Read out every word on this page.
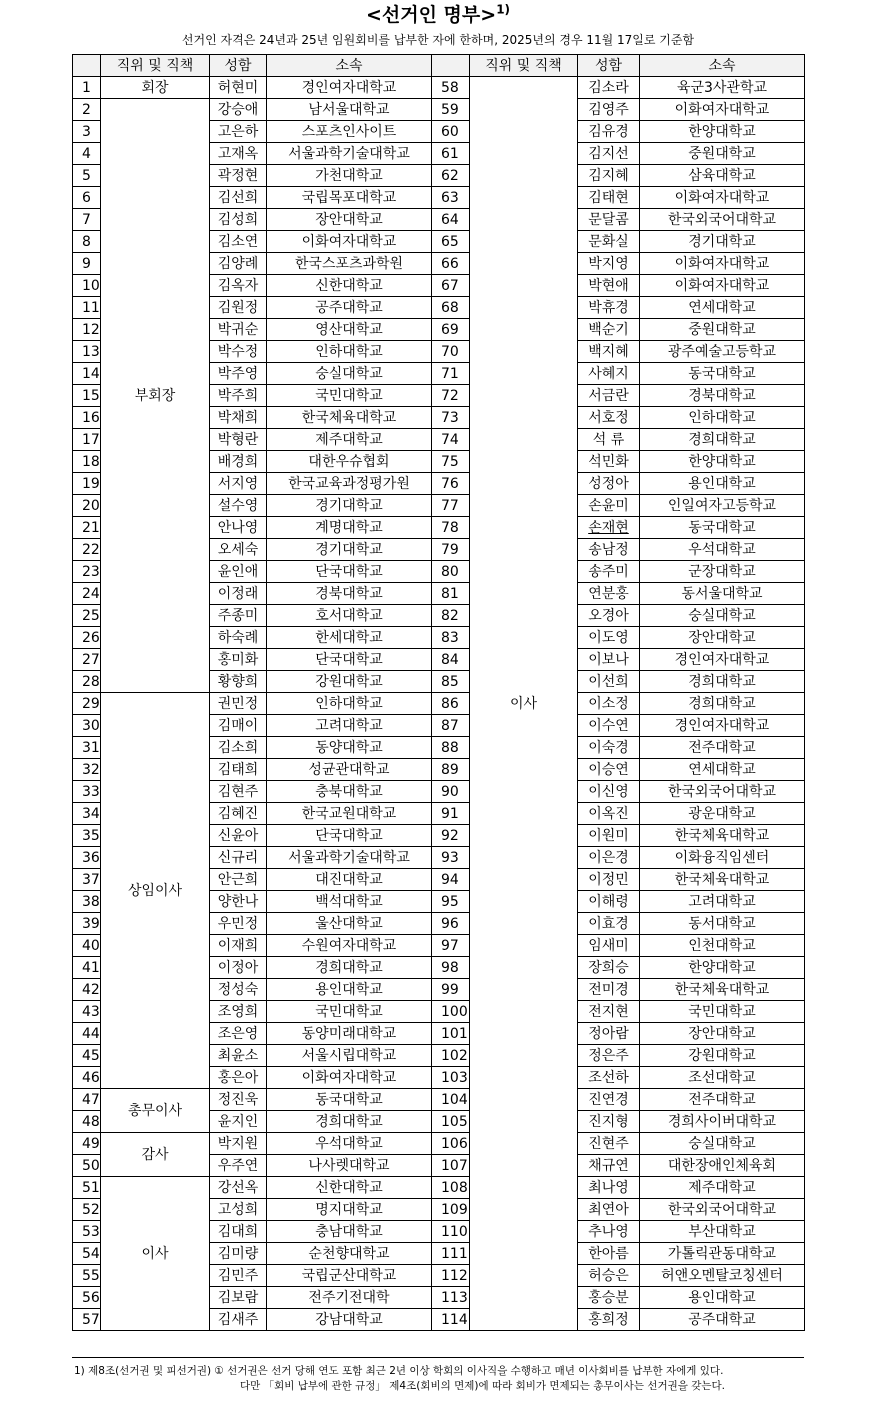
<선거인 명부>$^{1)}$
선거인 자격은 24년과 25년 임원회비를 납부한 자에 한하며, 2025년의 경우 11월 17일로 기준함
	직위 및 직책	성함	소속		직위 및 직책	성함	소속
1	회장	허현미	경인여자대학교	58	이사	김소라	육군3사관학교
2	부회장	강승애	남서울대학교	59		김영주	이화여자대학교
3		고은하	스포츠인사이트	60		김유경	한양대학교
4		고재옥	서울과학기술대학교	61		김지선	중원대학교
5		곽정현	가천대학교	62		김지혜	삼육대학교
6		김선희	국립목포대학교	63		김태현	이화여자대학교
7		김성희	장안대학교	64		문달콤	한국외국어대학교
8		김소연	이화여자대학교	65		문화실	경기대학교
9		김양례	한국스포츠과학원	66		박지영	이화여자대학교
10		김옥자	신한대학교	67		박현애	이화여자대학교
11		김원정	공주대학교	68		박휴경	연세대학교
12		박귀순	영산대학교	69		백순기	중원대학교
13		박수정	인하대학교	70		백지혜	광주예술고등학교
14		박주영	숭실대학교	71		사혜지	동국대학교
15		박주희	국민대학교	72		서금란	경북대학교
16		박채희	한국체육대학교	73		서호정	인하대학교
17		박형란	제주대학교	74		석 류	경희대학교
18		배경희	대한우슈협회	75		석민화	한양대학교
19		서지영	한국교육과정평가원	76		성정아	용인대학교
20		설수영	경기대학교	77		손윤미	인일여자고등학교
21		안나영	계명대학교	78		손재현	동국대학교
22		오세숙	경기대학교	79		송남정	우석대학교
23		윤인애	단국대학교	80		송주미	군장대학교
24		이정래	경북대학교	81		연분홍	동서울대학교
25		주종미	호서대학교	82		오경아	숭실대학교
26		하숙례	한세대학교	83		이도영	장안대학교
27		홍미화	단국대학교	84		이보나	경인여자대학교
28		황향희	강원대학교	85		이선희	경희대학교
29	상임이사	권민정	인하대학교	86		이소정	경희대학교
30		김매이	고려대학교	87		이수연	경인여자대학교
31		김소희	동양대학교	88		이숙경	전주대학교
32		김태희	성균관대학교	89		이승연	연세대학교
33		김현주	충북대학교	90		이신영	한국외국어대학교
34		김혜진	한국교원대학교	91		이옥진	광운대학교
35		신윤아	단국대학교	92		이원미	한국체육대학교
36		신규리	서울과학기술대학교	93		이은경	이화융직임센터
37		안근희	대진대학교	94		이정민	한국체육대학교
38		양한나	백석대학교	95		이해령	고려대학교
39		우민정	울산대학교	96		이효경	동서대학교
40		이재희	수원여자대학교	97		임새미	인천대학교
41		이정아	경희대학교	98		장희승	한양대학교
42		정성숙	용인대학교	99		전미경	한국체육대학교
43		조영희	국민대학교	100		전지현	국민대학교
44		조은영	동양미래대학교	101		정아람	장안대학교
45		최윤소	서울시립대학교	102		정은주	강원대학교
46		홍은아	이화여자대학교	103		조선하	조선대학교
47	총무이사	정진욱	동국대학교	104		진연경	전주대학교
48		윤지인	경희대학교	105		진지형	경희사이버대학교
49	감사	박지원	우석대학교	106		진현주	숭실대학교
50		우주연	나사렛대학교	107		채규연	대한장애인체육회
51	이사	강선옥	신한대학교	108		최나영	제주대학교
52		고성희	명지대학교	109		최연아	한국외국어대학교
53		김대희	충남대학교	110		추나영	부산대학교
54		김미량	순천향대학교	111		한아름	가톨릭관동대학교
55		김민주	국립군산대학교	112		허승은	허앤오멘탈코칭센터
56		김보람	전주기전대학	113		홍승분	용인대학교
57		김새주	강남대학교	114		홍희정	공주대학교
1) 제8조(선거권 및 피선거권) ① 선거권은 선거 당해 연도 포함 최근 2년 이상 학회의 이사직을 수행하고 매년 이사회비를 납부한 자에게 있다.
다만 「회비 납부에 관한 규정」 제4조(회비의 면제)에 따라 회비가 면제되는 총무이사는 선거권을 갖는다.
